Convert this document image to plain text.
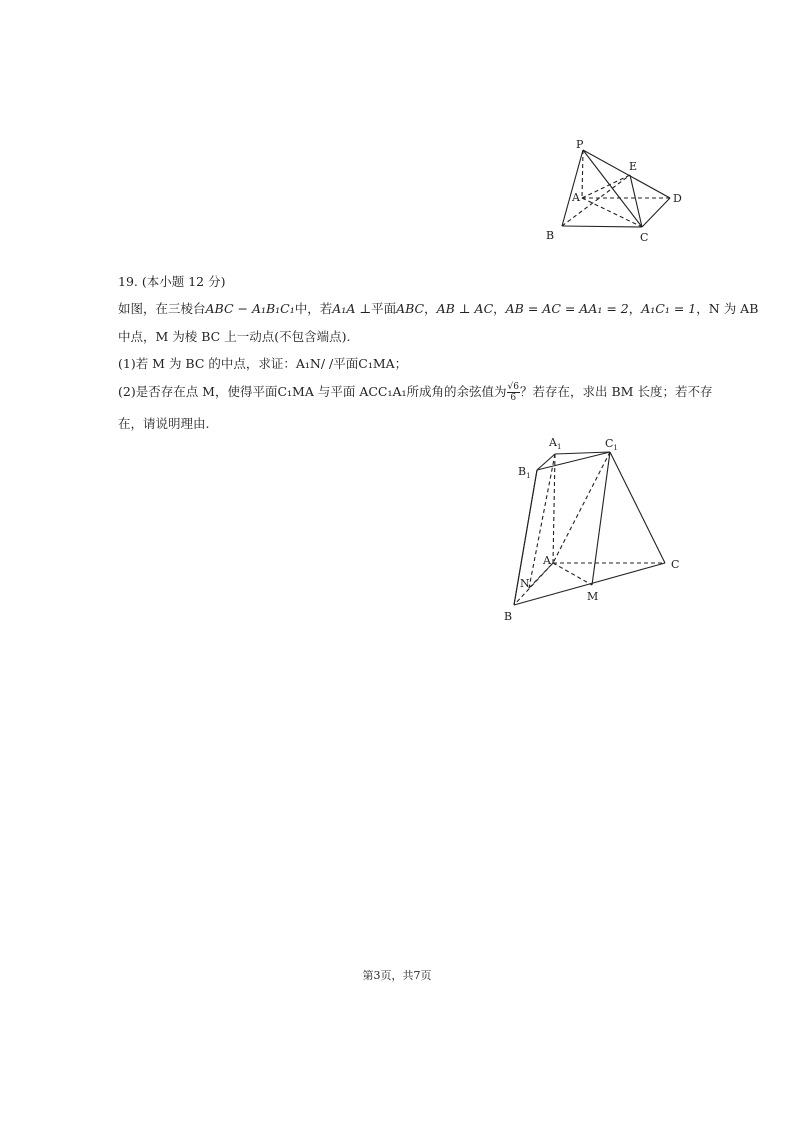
P
E
A	D
B	C
19. (本小题 12 分)
如图，在三棱台ABC − A₁B₁C₁中，若A₁A ⊥平面ABC，AB ⊥ AC，AB = AC = AA₁ = 2，A₁C₁ = 1，N 为 AB
中点，M 为棱 BC 上一动点(不包含端点).
(1)若 M 为 BC 的中点，求证：A₁N/ /平面C₁MA；
(2)是否存在点 M，使得平面C₁MA 与平面 ACC₁A₁所成角的余弦值为 $\frac{√6}{6}$ ？若存在，求出 BM 长度；若不存
在，请说明理由.
$A_1$	$C_1$
$B_1$
A	C
N
M
B
第3页，共7页
